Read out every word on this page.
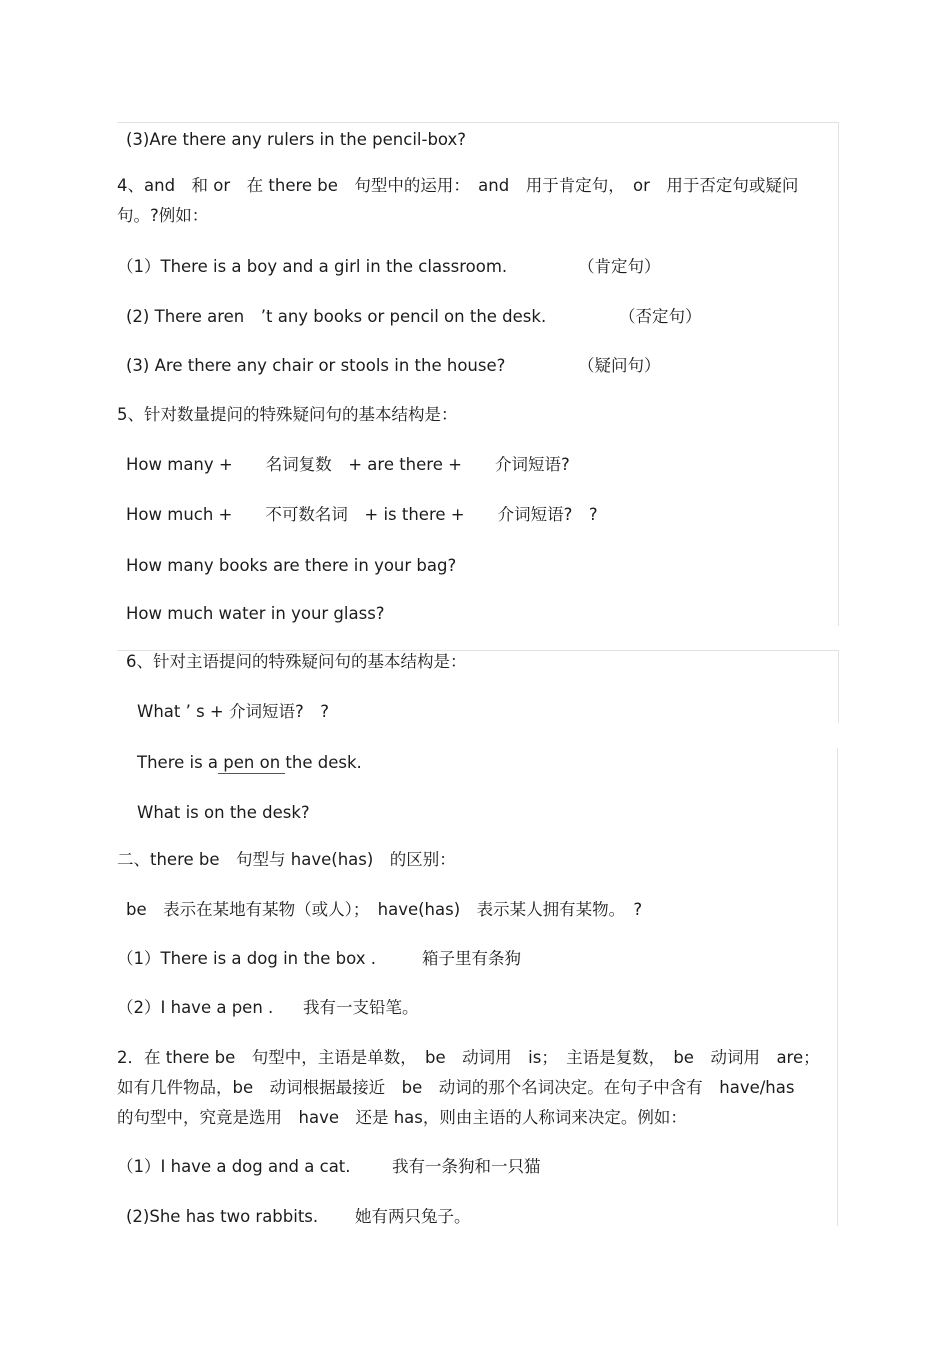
(3)Are there any rulers in the pencil-box?
4、and　和 or　在 there be　句型中的运用：　and　用于肯定句，　or　用于否定句或疑问
句。?例如：
（1）There is a boy and a girl in the classroom.	（肯定句）
(2) There aren　’t any books or pencil on the desk.	（否定句）
(3) Are there any chair or stools in the house?	（疑问句）
5、针对数量提问的特殊疑问句的基本结构是：
How many +　　名词复数　+ are there +　　介词短语?
How much +　　不可数名词　+ is there +　　介词短语?　?
How many books are there in your bag?
How much water in your glass?
6、针对主语提问的特殊疑问句的基本结构是：
What ’ s + 介词短语?　?
There is a pen on the desk.
What is on the desk?
二、there be　句型与 have(has)　的区别：
be　表示在某地有某物（或人）；　have(has)　表示某人拥有某物。　?
（1）There is a dog in the box .	箱子里有条狗
（2）I have a pen . 我有一支铅笔。
2．在 there be　句型中，主语是单数，　be　动词用　is；　主语是复数，　be　动词用　are；
如有几件物品，be　动词根据最接近　be　动词的那个名词决定。在句子中含有　have/has
的句型中，究竟是选用　have　还是 has，则由主语的人称词来决定。例如：
（1）I have a dog and a cat.	我有一条狗和一只猫
(2)She has two rabbits. 她有两只兔子。
